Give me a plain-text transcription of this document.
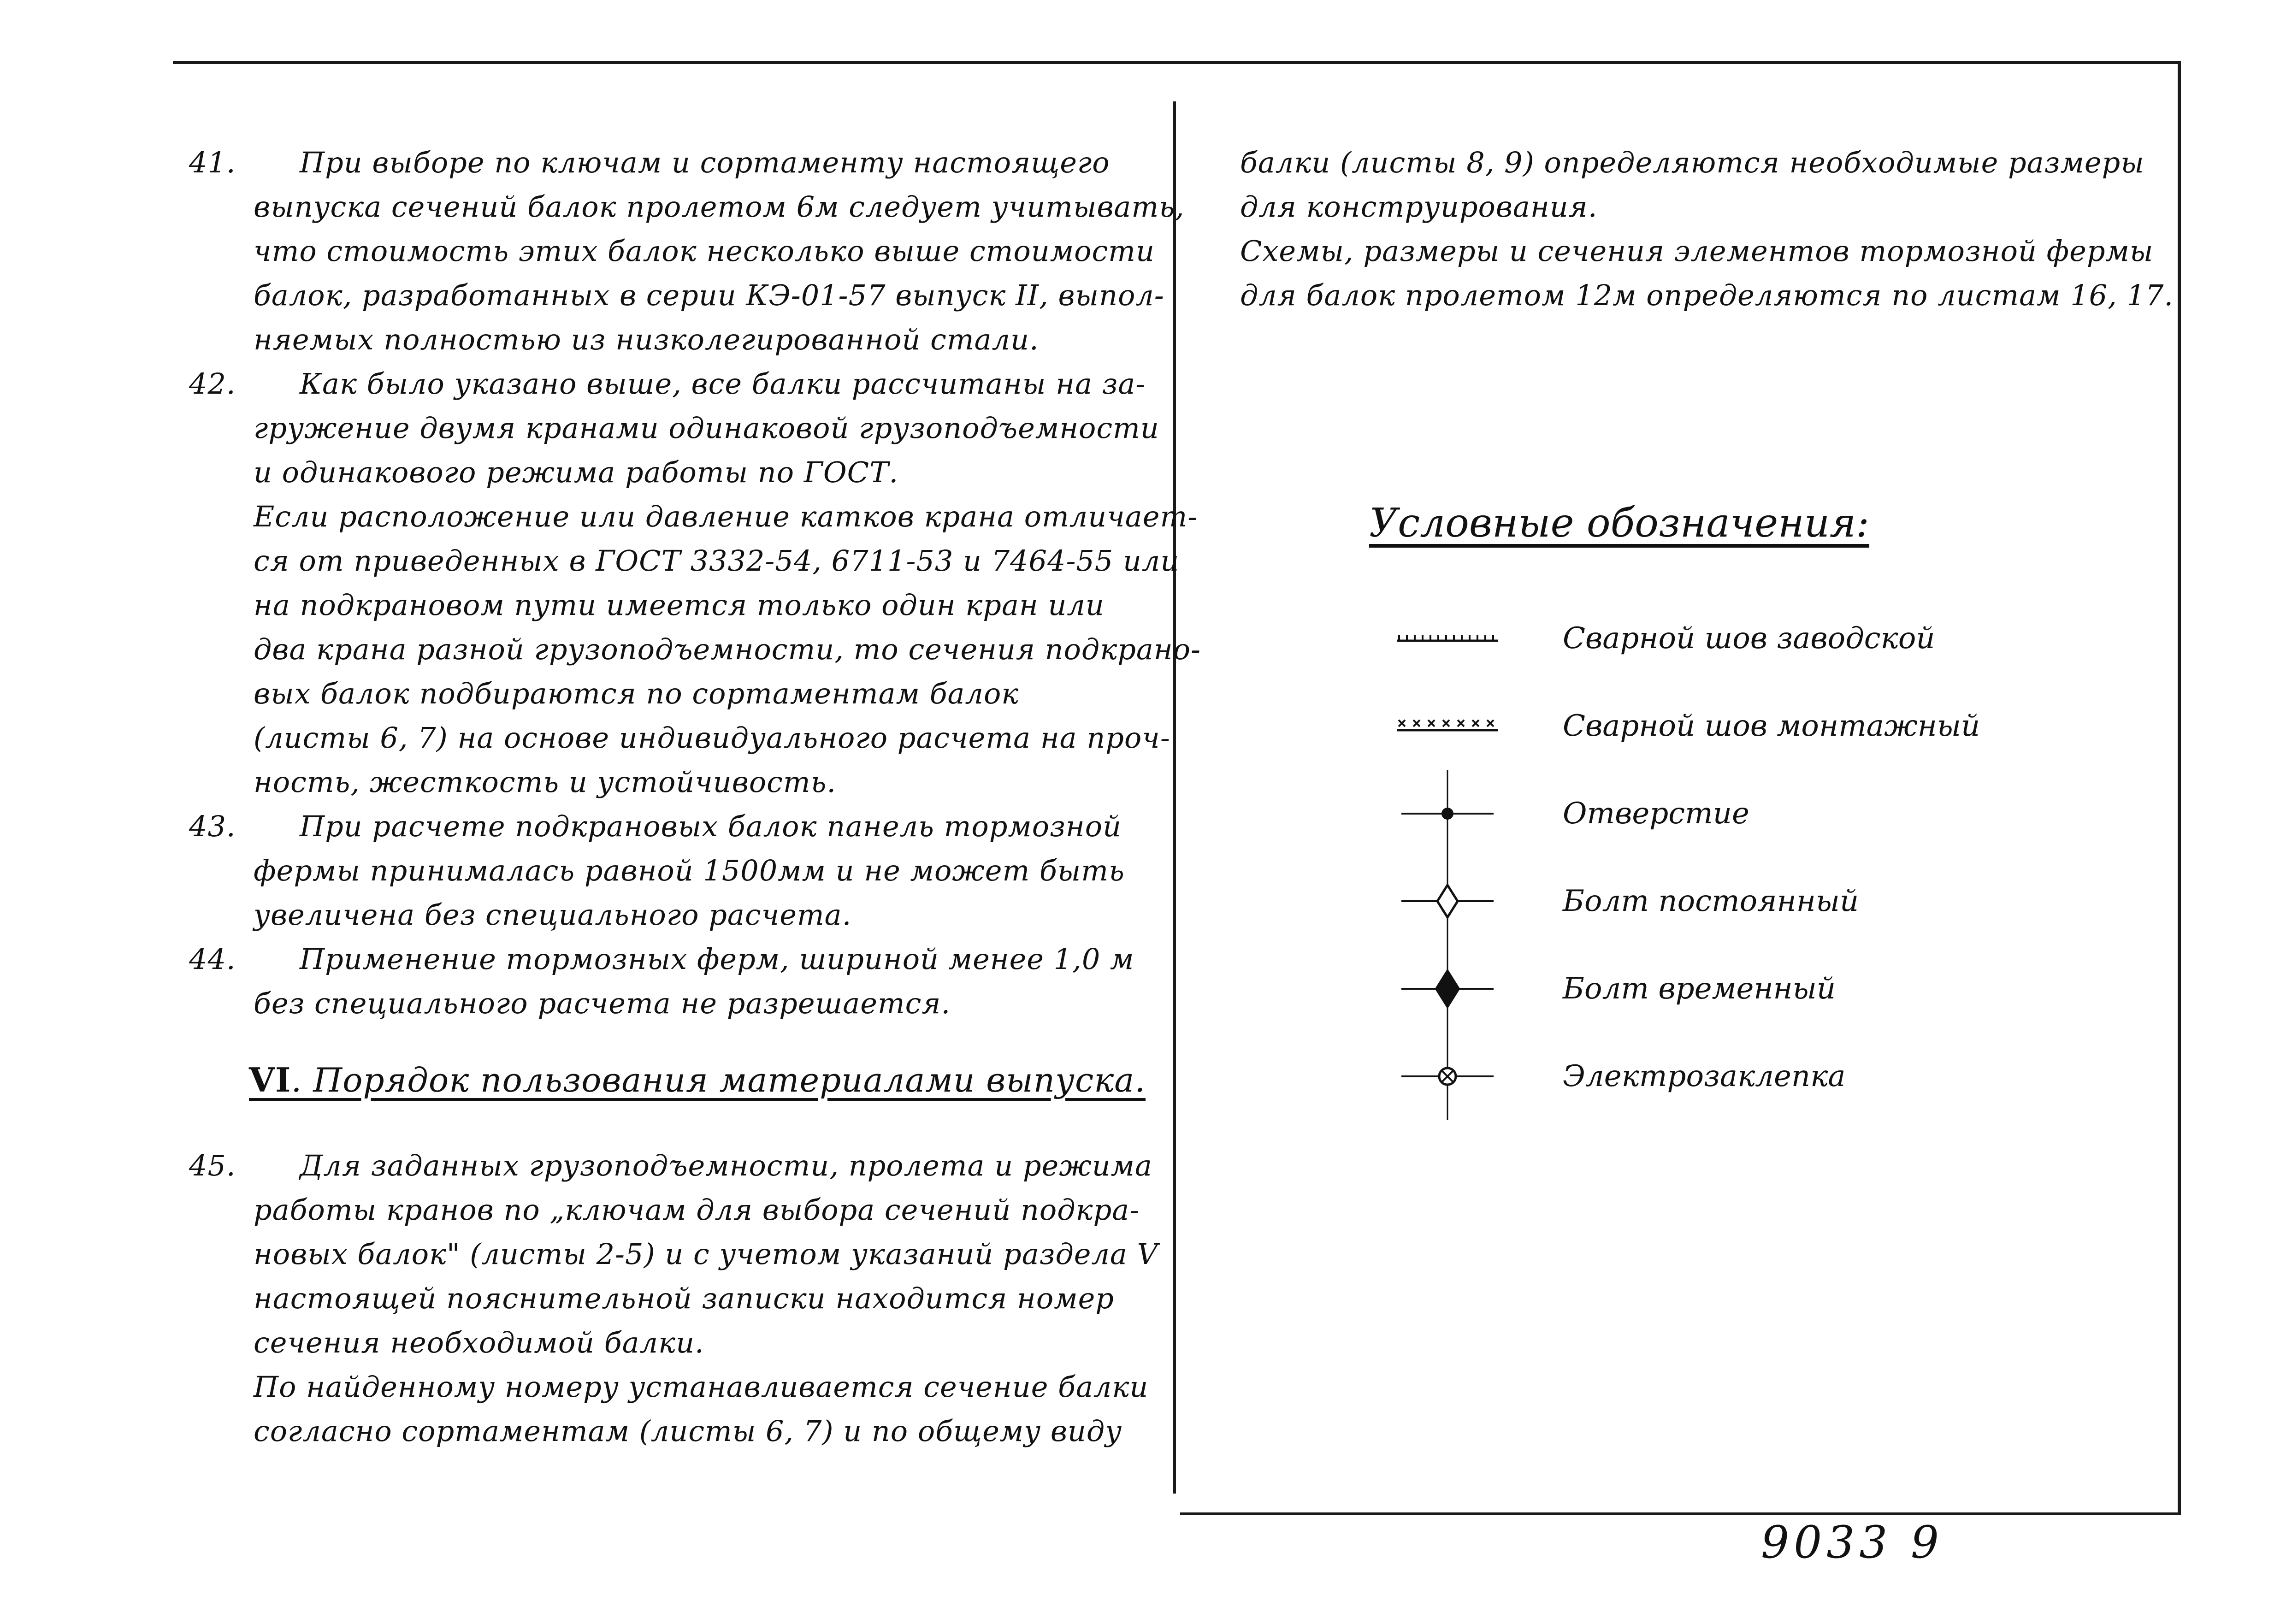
41.	При выборе по ключам и сортаменту настоящего
выпуска сечений балок пролетом 6м следует учитывать,
что стоимость этих балок несколько выше стоимости
балок, разработанных в серии КЭ-01-57 выпуск II, выпол-
няемых полностью из низколегированной стали.
42.	Как было указано выше, все балки рассчитаны на за-
гружение двумя кранами одинаковой грузоподъемности
и одинакового режима работы по ГОСТ.
Если расположение или давление катков крана отличает-
ся от приведенных в ГОСТ 3332-54, 6711-53 и 7464-55 или
на подкрановом пути имеется только один кран или
два крана разной грузоподъемности, то сечения подкрано-
вых балок подбираются по сортаментам балок
(листы 6, 7) на основе индивидуального расчета на проч-
ность, жесткость и устойчивость.
43.	При расчете подкрановых балок панель тормозной
фермы принималась равной 1500мм и не может быть
увеличена без специального расчета.
44.	Применение тормозных ферм, шириной менее 1,0 м
без специального расчета не разрешается.
VI. Порядок пользования материалами выпуска.
45.	Для заданных грузоподъемности, пролета и режима
работы кранов по „ключам для выбора сечений подкра-
новых балок" (листы 2-5) и с учетом указаний раздела V
настоящей пояснительной записки находится номер
сечения необходимой балки.
По найденному номеру устанавливается сечение балки
согласно сортаментам (листы 6, 7) и по общему виду
балки (листы 8, 9) определяются необходимые размеры
для конструирования.
Схемы, размеры и сечения элементов тормозной фермы
для балок пролетом 12м определяются по листам 16, 17.
Условные обозначения:
Сварной шов заводской
Сварной шов монтажный
Отверстие
Болт постоянный
Болт временный
Электрозаклепка
9033 9
